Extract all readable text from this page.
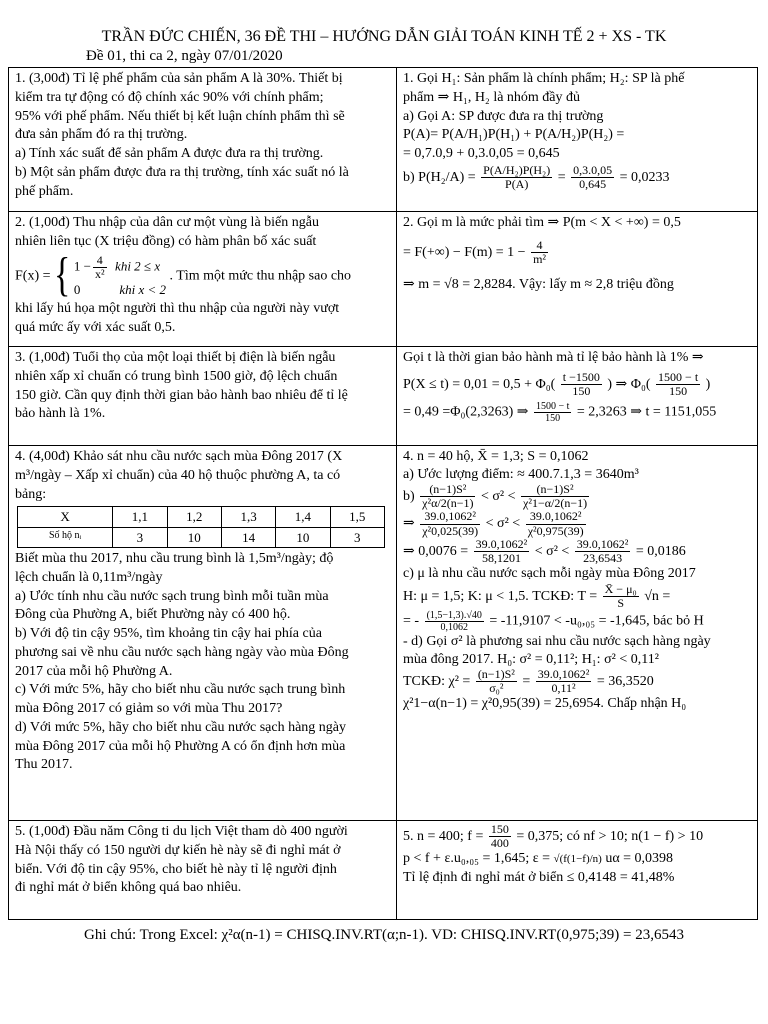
TRẦN ĐỨC CHIẾN, 36 ĐỀ THI – HƯỚNG DẪN GIẢI TOÁN KINH TẾ 2 + XS - TK
Đề 01, thi ca 2, ngày 07/01/2020
1. (3,00đ) Tỉ lệ phế phẩm của sản phẩm A là 30%. Thiết bị
kiểm tra tự động có độ chính xác 90% với chính phẩm;
95% với phế phẩm. Nếu thiết bị kết luận chính phẩm thì sẽ
đưa sản phẩm đó ra thị trường.
a) Tính xác suất để sản phẩm A được đưa ra thị trường.
b) Một sản phẩm được đưa ra thị trường, tính xác suất nó là
phế phẩm.

1. Gọi H₁: Sản phẩm là chính phẩm; H₂: SP là phế
phẩm ⇒ H₁, H₂ là nhóm đầy đủ
a) Gọi A: SP được đưa ra thị trường
P(A)= P(A/H₁)P(H₁) + P(A/H₂)P(H₂) =
= 0,7.0,9 + 0,3.0,05 = 0,645
b) $P(H_2/A) = \frac{\text{P(A/H₂)P(H₂)}}{P(A)} = \frac{0,3.0,05}{0,645} = 0,0233$

2. (1,00đ) Thu nhập của dân cư một vùng là biến ngẫu
nhiên liên tục (X triệu đồng) có hàm phân bố xác suất
F(x) = { $1 - \frac{4}{\text{x²}}$ khi 2 ≤ x
0	khi x < 2
. Tìm một mức thu nhập sao cho
khi lấy hú họa một người thì thu nhập của người này vượt
quá mức ấy với xác suất 0,5.

2. Gọi m là mức phải tìm ⇒ P(m < X < +∞) = 0,5
= $F(+\infty) - F(m) = 1 - \frac{4}{\text{m²}}$
⇒ m = √8 = 2,8284. Vậy: lấy m ≈ 2,8 triệu đồng

3. (1,00đ) Tuổi thọ của một loại thiết bị điện là biến ngẫu
nhiên xấp xỉ chuẩn có trung bình 1500 giờ, độ lệch chuẩn
150 giờ. Cần quy định thời gian bảo hành bao nhiêu để tỉ lệ
bảo hành là 1%.

Gọi t là thời gian bảo hành mà tỉ lệ bảo hành là 1% ⇒
$P(X \le t) = 0,01 = 0,5 + \Phi_0( \frac{t -1500}{150}$ ) ⇒ $\Phi_0( \frac{1500 - t}{150}$ )
= 0,49 =Φ₀(2,3263) ⇒ $\frac{1500 - t}{150} = 2,3263$ ⇒ t = 1151,055

4. (4,00đ) Khảo sát nhu cầu nước sạch mùa Đông 2017 (X
m³/ngày – Xấp xỉ chuẩn) của 40 hộ thuộc phường A, ta có
bảng:
X	1,1	1,2	1,3	1,4	1,5
Số hộ nᵢ	3	10	14	10	3
Biết mùa thu 2017, nhu cầu trung bình là 1,5m³/ngày; độ
lệch chuẩn là 0,11m³/ngày
a) Ước tính nhu cầu nước sạch trung bình mỗi tuần mùa
Đông của Phường A, biết Phường này có 400 hộ.
b) Với độ tin cậy 95%, tìm khoảng tin cậy hai phía của
phương sai về nhu cầu nước sạch hàng ngày vào mùa Đông
2017 của mỗi hộ Phường A.
c) Với mức 5%, hãy cho biết nhu cầu nước sạch trung bình
mùa Đông 2017 có giảm so với mùa Thu 2017?
d) Với mức 5%, hãy cho biết nhu cầu nước sạch hàng ngày
mùa Đông 2017 của mỗi hộ Phường A có ổn định hơn mùa
Thu 2017.

4. n = 40 hộ, X̄ = 1,3; S = 0,1062
a) Ước lượng điểm: ≈ 400.7.1,3 = 3640m³
$b) \frac{\text{(n−1)S²}}{\text{χ²α/2(n−1)}} < \sigma^2 < \frac{\text{(n−1)S²}}{\text{χ²1−α/2(n−1)}}$
⇒ $\frac{\text{39.0,1062²}}{\text{χ²0,025(39)}} < \sigma^2 < \frac{\text{39.0,1062²}}{\text{χ²0,975(39)}}$
⇒ $0,0076 = \frac{\text{39.0,1062²}}{58,1201} < \sigma^2 < \frac{\text{39.0,1062²}}{23,6543} = 0,0186$
c) μ là nhu cầu nước sạch mỗi ngày mùa Đông 2017
H: μ = 1,5; K: μ < 1,5. TCKĐ: $T = \frac{\text{X̄ − μ₀}}{S} √n$ =
= - $\frac{(1,5-1,3).√40}{0,1062} = -11,9107 < -u_0,_{05} = -1,645$, bác bỏ H
- d) Gọi σ² là phương sai nhu cầu nước sạch hàng ngày
mùa đông 2017. H₀: σ² = 0,11²; H₁: σ² < 0,11²
TCKĐ: $\chi^2 = \frac{\text{(n−1)S²}}{\text{σ₀²}} = \frac{\text{39.0,1062²}}{\text{0,11²}} = 36,3520$
χ²1−α(n−1) = χ²0,95(39) = 25,6954. Chấp nhận H₀

5. (1,00đ) Đầu năm Công ti du lịch Việt tham dò 400 người
Hà Nội thấy có 150 người dự kiến hè này sẽ đi nghỉ mát ở
biển. Với độ tin cậy 95%, cho biết hè này tỉ lệ người định
đi nghỉ mát ở biển không quá bao nhiêu.

5. n = 400; $f = \frac{150}{400} = 0,375$; có nf > 10; n(1 − f) > 10
p < f + ε.u₀,₀₅ = 1,645; ε = √(f(1−f)/n) uα = 0,0398
Tỉ lệ định đi nghỉ mát ở biển ≤ 0,4148 = 41,48%
Ghi chú: Trong Excel: χ²α(n-1) = CHISQ.INV.RT(α;n-1). VD: CHISQ.INV.RT(0,975;39) = 23,6543
